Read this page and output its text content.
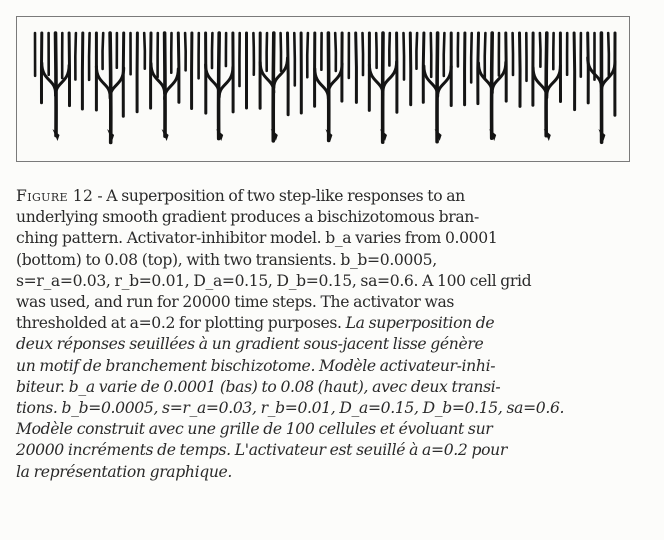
Figure 12 - A superposition of two step-like responses to an
underlying smooth gradient produces a bischizotomous bran-
ching pattern. Activator-inhibitor model. b_a varies from 0.0001
(bottom) to 0.08 (top), with two transients. b_b=0.0005,
s=r_a=0.03, r_b=0.01, D_a=0.15, D_b=0.15, sa=0.6. A 100 cell grid
was used, and run for 20000 time steps. The activator was
thresholded at a=0.2 for plotting purposes. La superposition de
deux réponses seuillées à un gradient sous-jacent lisse génère
un motif de branchement bischizotome. Modèle activateur-inhi-
biteur. b_a varie de 0.0001 (bas) to 0.08 (haut), avec deux transi-
tions. b_b=0.0005, s=r_a=0.03, r_b=0.01, D_a=0.15, D_b=0.15, sa=0.6.
Modèle construit avec une grille de 100 cellules et évoluant sur
20000 incréments de temps. L'activateur est seuillé à a=0.2 pour
la représentation graphique.
